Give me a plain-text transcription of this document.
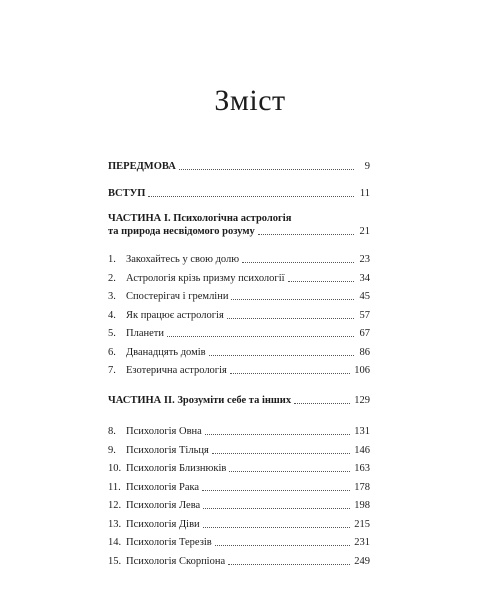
Зміст
ПЕРЕДМОВА	9
ВСТУП	11
ЧАСТИНА І. Психологічна астрологія
та природа несвідомого розуму	21
1. Закохайтесь у свою долю	23
2. Астрологія крізь призму психології	34
3. Спостерігач і гремліни	45
4. Як працює астрологія	57
5. Планети	67
6. Дванадцять домів	86
7. Езотерична астрологія	106
ЧАСТИНА ІІ. Зрозуміти себе та інших	129
8. Психологія Овна	131
9. Психологія Тільця	146
10. Психологія Близнюків	163
11. Психологія Рака	178
12. Психологія Лева	198
13. Психологія Діви	215
14. Психологія Терезів	231
15. Психологія Скорпіона	249
